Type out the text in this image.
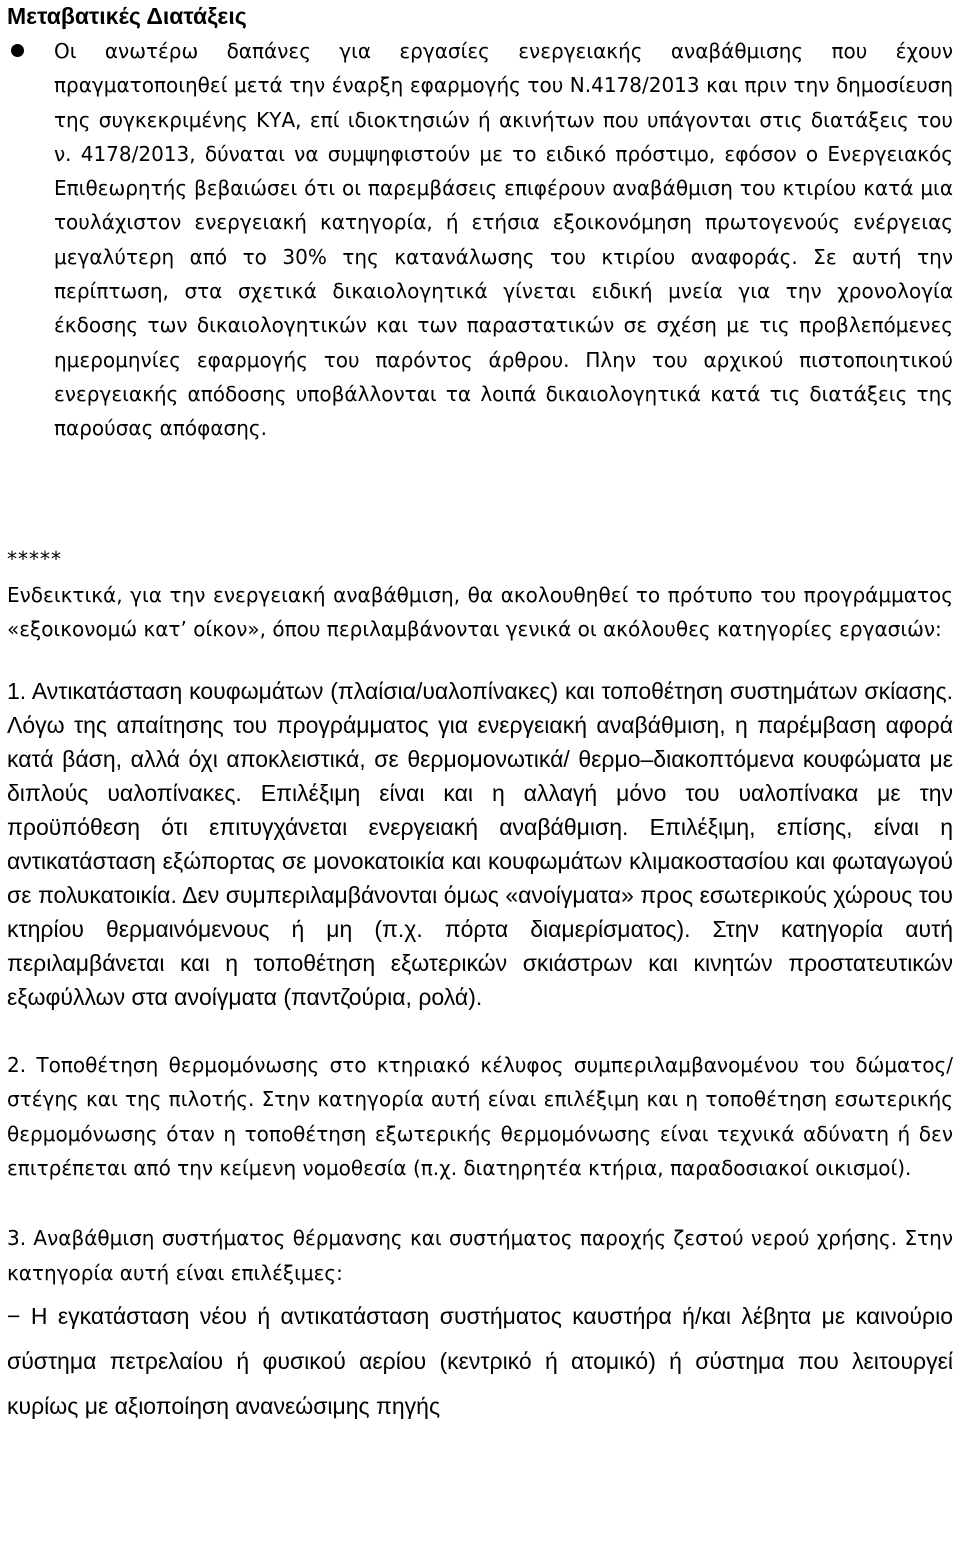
Μεταβατικές Διατάξεις

Οι ανωτέρω δαπάνες για εργασίες ενεργειακής αναβάθμισης που έχουν πραγματοποιηθεί μετά την έναρξη εφαρμογής του Ν.4178/2013 και πριν την δημοσίευση της συγκεκριμένης ΚΥΑ, επί ιδιοκτησιών ή ακινήτων που υπάγονται στις διατάξεις του ν. 4178/2013, δύναται να συμψηφιστούν με το ειδικό πρόστιμο, εφόσον ο Ενεργειακός Επιθεωρητής βεβαιώσει ότι οι παρεμβάσεις επιφέρουν αναβάθμιση του κτιρίου κατά μια τουλάχιστον ενεργειακή κατηγορία, ή ετήσια εξοικονόμηση πρωτογενούς ενέργειας μεγαλύτερη από το 30% της κατανάλωσης του κτιρίου αναφοράς. Σε αυτή την περίπτωση, στα σχετικά δικαιολογητικά γίνεται ειδική μνεία για την χρονολογία έκδοσης των δικαιολογητικών και των παραστατικών σε σχέση με τις προβλεπόμενες ημερομηνίες εφαρμογής του παρόντος άρθρου. Πλην του αρχικού πιστοποιητικού ενεργειακής απόδοσης υποβάλλονται τα λοιπά δικαιολογητικά κατά τις διατάξεις της παρούσας απόφασης.

*****

Ενδεικτικά, για την ενεργειακή αναβάθμιση, θα ακολουθηθεί το πρότυπο του προγράμματος «εξοικονομώ κατ’ οίκον», όπου περιλαμβάνονται γενικά οι ακόλουθες κατηγορίες εργασιών:

1. Αντικατάσταση κουφωμάτων (πλαίσια/υαλοπίνακες) και τοποθέτηση συστημάτων σκίασης. Λόγω της απαίτησης του προγράμματος για ενεργειακή αναβάθμιση, η παρέμβαση αφορά κατά βάση, αλλά όχι αποκλειστικά, σε θερμομονωτικά/ θερμο–διακοπτόμενα κουφώματα με διπλούς υαλοπίνακες. Επιλέξιμη είναι και η αλλαγή μόνο του υαλοπίνακα με την προϋπόθεση ότι επιτυγχάνεται ενεργειακή αναβάθμιση. Επιλέξιμη, επίσης, είναι η αντικατάσταση εξώπορτας σε μονοκατοικία και κουφωμάτων κλιμακοστασίου και φωταγωγού σε πολυκατοικία. Δεν συμπεριλαμβάνονται όμως «ανοίγματα» προς εσωτερικούς χώρους του κτηρίου θερμαινόμενους ή μη (π.χ. πόρτα διαμερίσματος). Στην κατηγορία αυτή περιλαμβάνεται και η τοποθέτηση εξωτερικών σκιάστρων και κινητών προστατευτικών εξωφύλλων στα ανοίγματα (παντζούρια, ρολά).

2. Τοποθέτηση θερμομόνωσης στο κτηριακό κέλυφος συμπεριλαμβανομένου του δώματος/στέγης και της πιλοτής. Στην κατηγορία αυτή είναι επιλέξιμη και η τοποθέτηση εσωτερικής θερμομόνωσης όταν η τοποθέτηση εξωτερικής θερμομόνωσης είναι τεχνικά αδύνατη ή δεν επιτρέπεται από την κείμενη νομοθεσία (π.χ. διατηρητέα κτήρια, παραδοσιακοί οικισμοί).

3. Αναβάθμιση συστήματος θέρμανσης και συστήματος παροχής ζεστού νερού χρήσης. Στην κατηγορία αυτή είναι επιλέξιμες:

− Η εγκατάσταση νέου ή αντικατάσταση συστήματος καυστήρα ή/και λέβητα με καινούριο σύστημα πετρελαίου ή φυσικού αερίου (κεντρικό ή ατομικό) ή σύστημα που λειτουργεί κυρίως με αξιοποίηση ανανεώσιμης πηγής
